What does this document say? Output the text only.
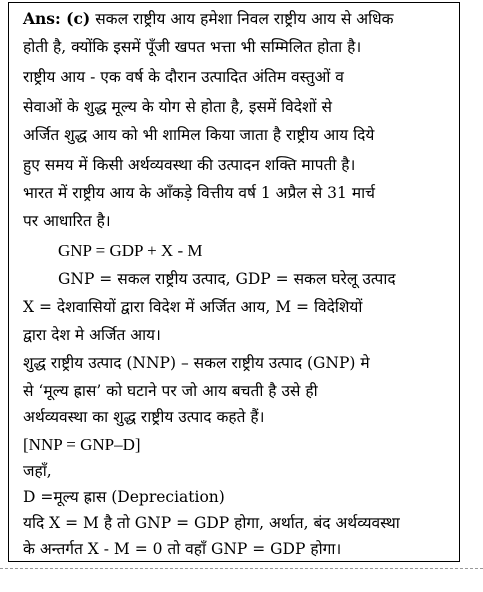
Ans: (c) सकल राष्ट्रीय आय हमेशा निवल राष्ट्रीय आय से अधिक
होती है, क्योंकि इसमें पूँजी खपत भत्ता भी सम्मिलित होता है।
राष्ट्रीय आय - एक वर्ष के दौरान उत्पादित अंतिम वस्तुओं व
सेवाओं के शुद्ध मूल्य के योग से होता है, इसमें विदेशों से
अर्जित शुद्ध आय को भी शामिल किया जाता है राष्ट्रीय आय दिये
हुए समय में किसी अर्थव्यवस्था की उत्पादन शक्ति मापती है।
भारत में राष्ट्रीय आय के आँकड़े वित्तीय वर्ष 1 अप्रैल से 31 मार्च
पर आधारित है।
GNP = GDP + X - M
GNP = सकल राष्ट्रीय उत्पाद, GDP = सकल घरेलू उत्पाद
X = देशवासियों द्वारा विदेश में अर्जित आय, M = विदेशियों
द्वारा देश मे अर्जित आय।
शुद्ध राष्ट्रीय उत्पाद (NNP) – सकल राष्ट्रीय उत्पाद (GNP) मे
से ‘मूल्य ह्रास’ को घटाने पर जो आय बचती है उसे ही
अर्थव्यवस्था का शुद्ध राष्ट्रीय उत्पाद कहते हैं।
[NNP = GNP–D]
जहाँ,
D =मूल्य ह्रास (Depreciation)
यदि X = M है तो GNP = GDP होगा, अर्थात, बंद अर्थव्यवस्था
के अन्तर्गत X - M = 0 तो वहाँ GNP = GDP होगा।
